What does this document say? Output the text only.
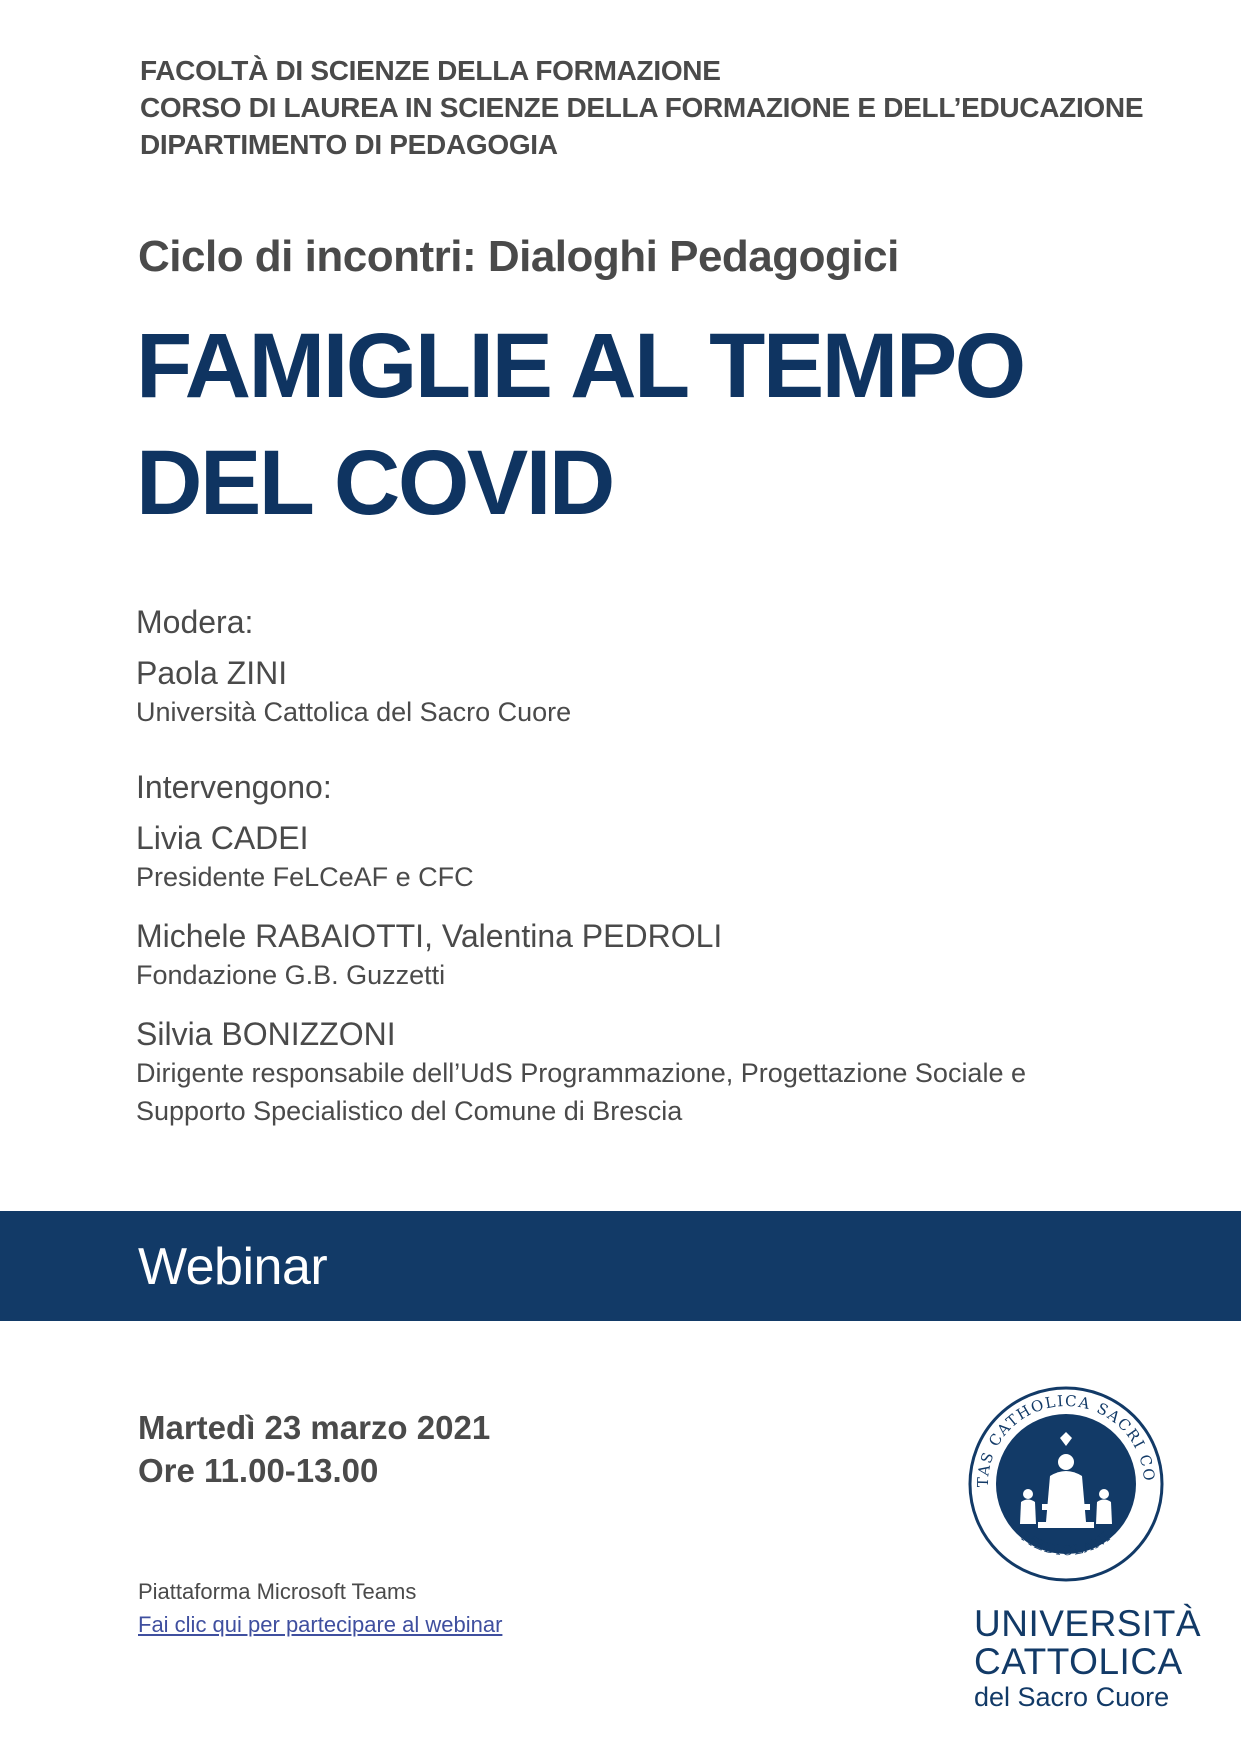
FACOLTÀ DI SCIENZE DELLA FORMAZIONE
CORSO DI LAUREA IN SCIENZE DELLA FORMAZIONE E DELL’EDUCAZIONE
DIPARTIMENTO DI PEDAGOGIA
Ciclo di incontri: Dialoghi Pedagogici
FAMIGLIE AL TEMPO
DEL COVID
Modera:
Paola ZINI
Università Cattolica del Sacro Cuore
Intervengono:
Livia CADEI
Presidente FeLCeAF e CFC
Michele RABAIOTTI, Valentina PEDROLI
Fondazione G.B. Guzzetti
Silvia BONIZZONI
Dirigente responsabile dell’UdS Programmazione, Progettazione Sociale e
Supporto Specialistico del Comune di Brescia
Webinar
Martedì 23 marzo 2021
Ore 11.00-13.00
Piattaforma Microsoft Teams
Fai clic qui per partecipare al webinar
TAS CATHOLICA SACRI CO
MEDIOLANI
UNIVERSITÀ
CATTOLICA
del Sacro Cuore
